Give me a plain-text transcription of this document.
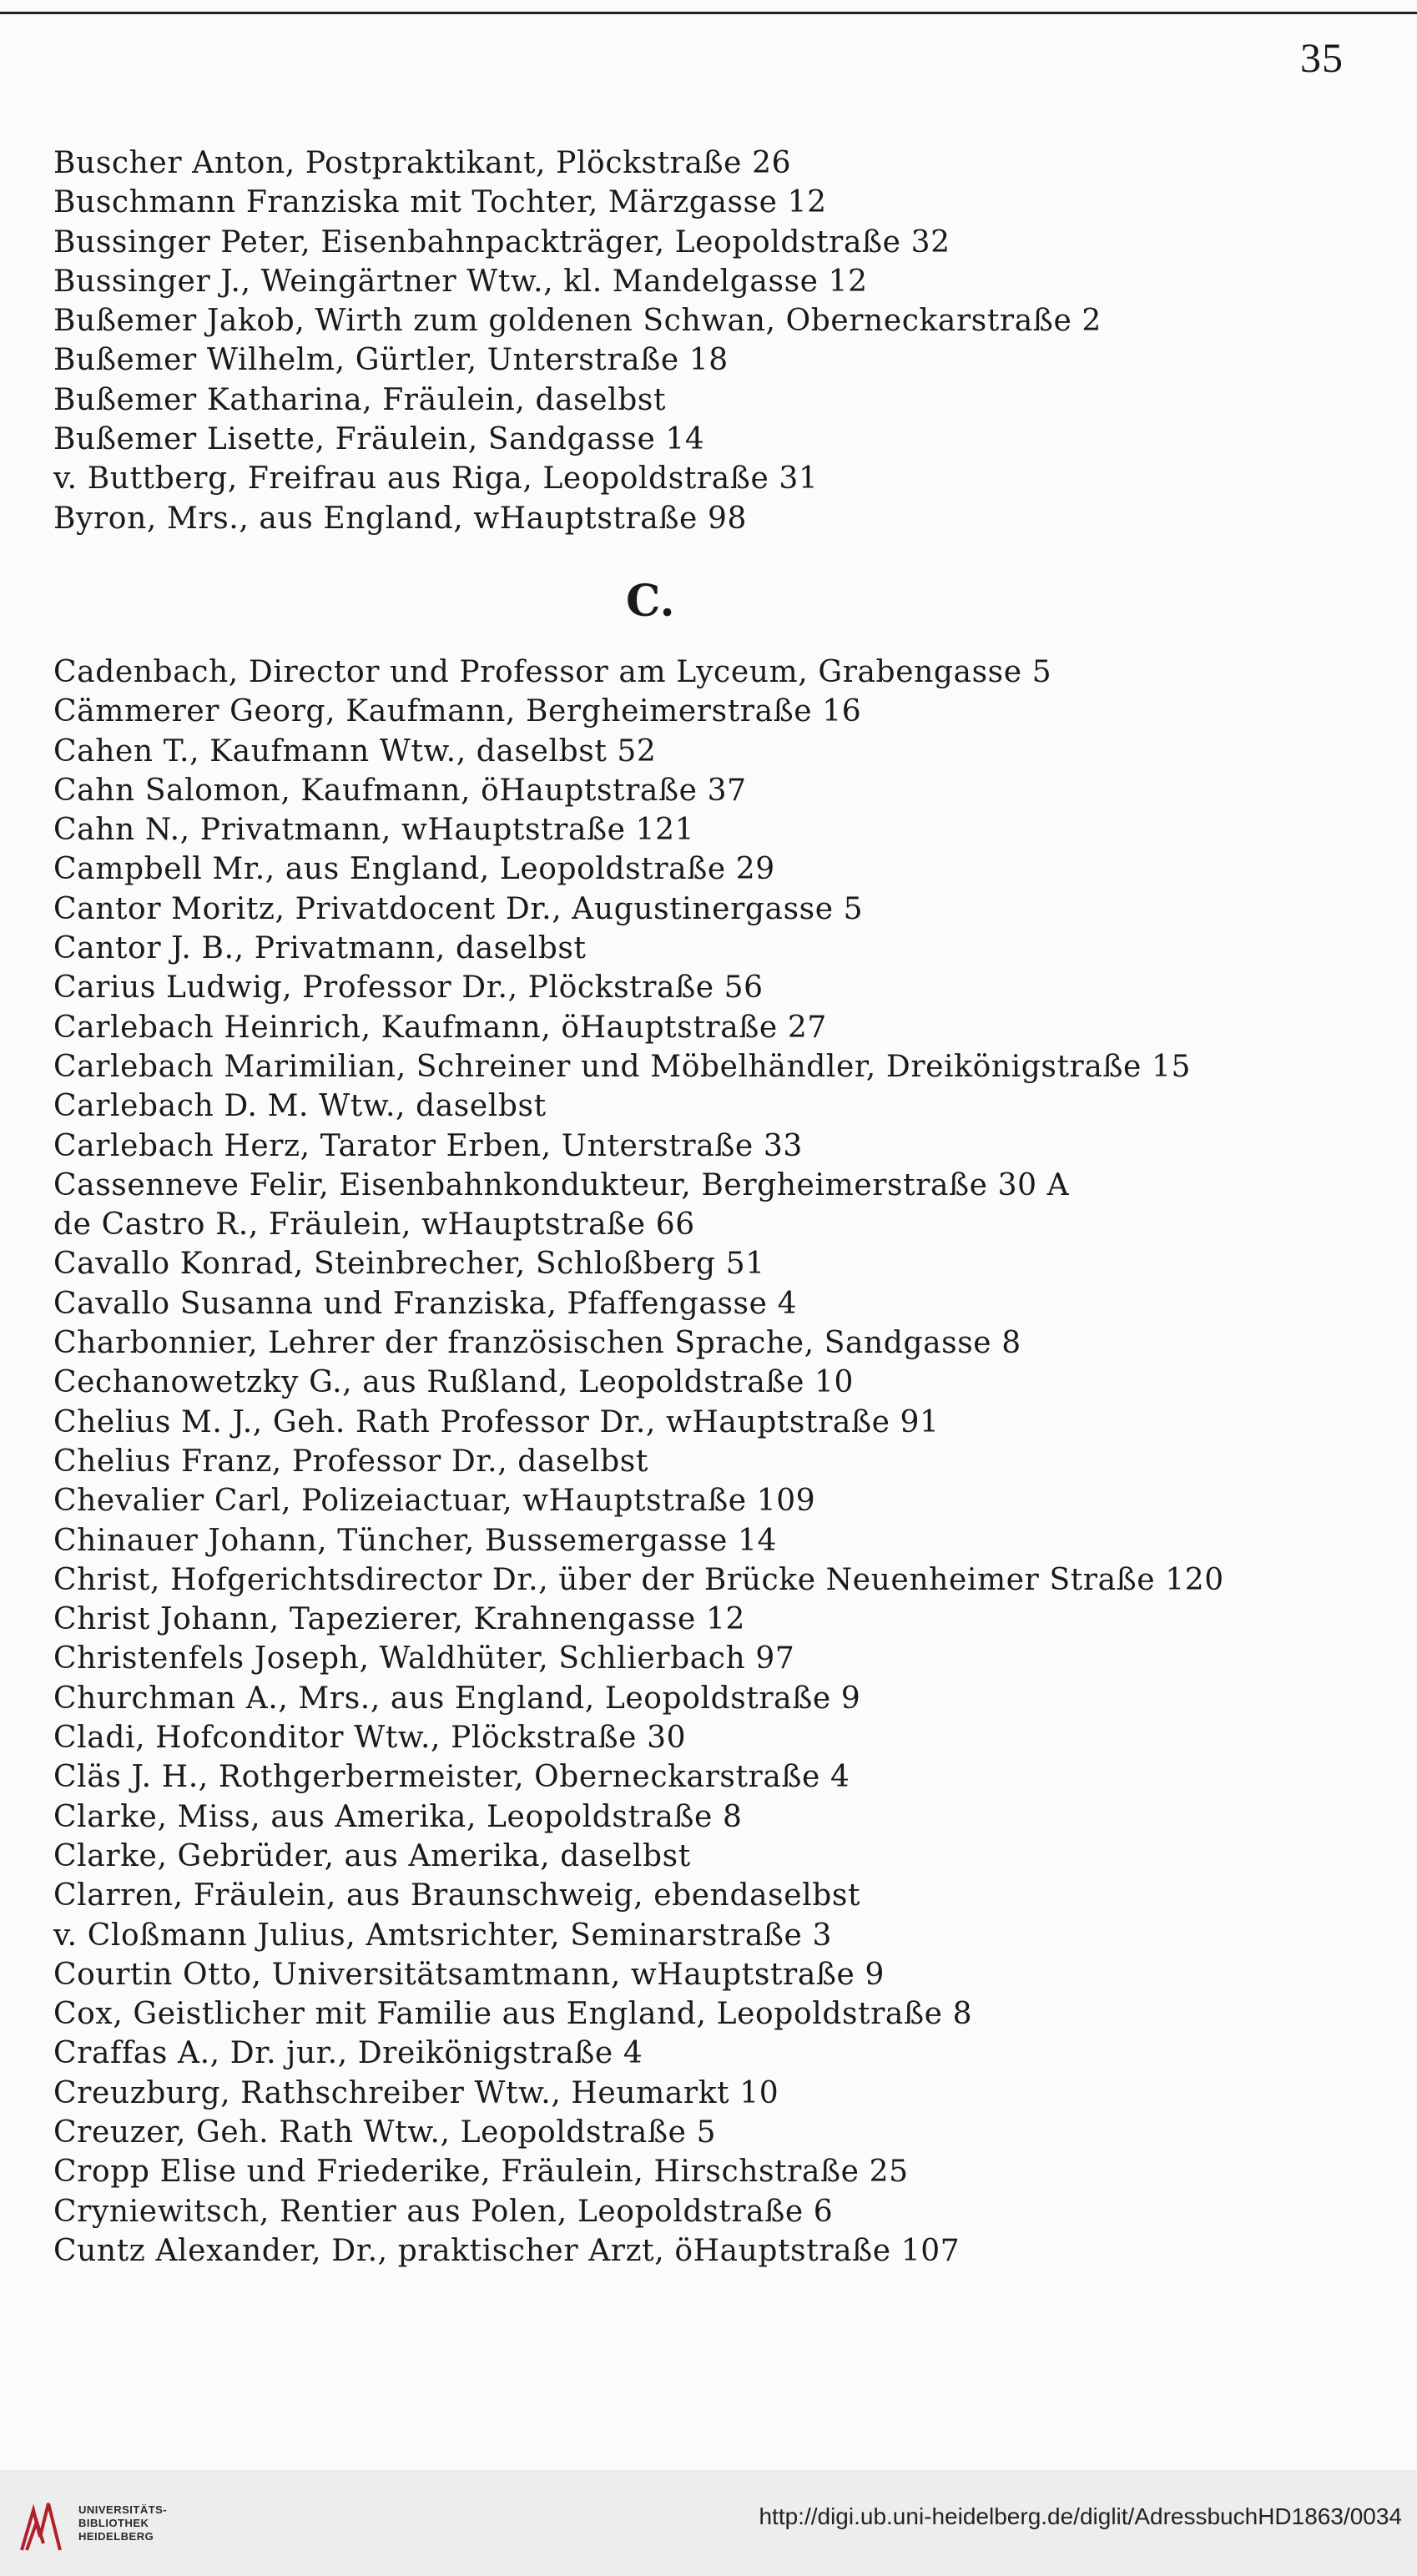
35
Buscher Anton, Postpraktikant, Plöckstraße 26
Buschmann Franziska mit Tochter, Märzgasse 12
Bussinger Peter, Eisenbahnpackträger, Leopoldstraße 32
Bussinger J., Weingärtner Wtw., kl. Mandelgasse 12
Bußemer Jakob, Wirth zum goldenen Schwan, Oberneckarstraße 2
Bußemer Wilhelm, Gürtler, Unterstraße 18
Bußemer Katharina, Fräulein, daselbst
Bußemer Lisette, Fräulein, Sandgasse 14
v. Buttberg, Freifrau aus Riga, Leopoldstraße 31
Byron, Mrs., aus England, wHauptstraße 98
C.
Cadenbach, Director und Professor am Lyceum, Grabengasse 5
Cämmerer Georg, Kaufmann, Bergheimerstraße 16
Cahen T., Kaufmann Wtw., daselbst 52
Cahn Salomon, Kaufmann, öHauptstraße 37
Cahn N., Privatmann, wHauptstraße 121
Campbell Mr., aus England, Leopoldstraße 29
Cantor Moritz, Privatdocent Dr., Augustinergasse 5
Cantor J. B., Privatmann, daselbst
Carius Ludwig, Professor Dr., Plöckstraße 56
Carlebach Heinrich, Kaufmann, öHauptstraße 27
Carlebach Marimilian, Schreiner und Möbelhändler, Dreikönigstraße 15
Carlebach D. M. Wtw., daselbst
Carlebach Herz, Tarator Erben, Unterstraße 33
Cassenneve Felir, Eisenbahnkondukteur, Bergheimerstraße 30 A
de Castro R., Fräulein, wHauptstraße 66
Cavallo Konrad, Steinbrecher, Schloßberg 51
Cavallo Susanna und Franziska, Pfaffengasse 4
Charbonnier, Lehrer der französischen Sprache, Sandgasse 8
Cechanowetzky G., aus Rußland, Leopoldstraße 10
Chelius M. J., Geh. Rath Professor Dr., wHauptstraße 91
Chelius Franz, Professor Dr., daselbst
Chevalier Carl, Polizeiactuar, wHauptstraße 109
Chinauer Johann, Tüncher, Bussemergasse 14
Christ, Hofgerichtsdirector Dr., über der Brücke Neuenheimer Straße 120
Christ Johann, Tapezierer, Krahnengasse 12
Christenfels Joseph, Waldhüter, Schlierbach 97
Churchman A., Mrs., aus England, Leopoldstraße 9
Cladi, Hofconditor Wtw., Plöckstraße 30
Cläs J. H., Rothgerbermeister, Oberneckarstraße 4
Clarke, Miss, aus Amerika, Leopoldstraße 8
Clarke, Gebrüder, aus Amerika, daselbst
Clarren, Fräulein, aus Braunschweig, ebendaselbst
v. Cloßmann Julius, Amtsrichter, Seminarstraße 3
Courtin Otto, Universitätsamtmann, wHauptstraße 9
Cox, Geistlicher mit Familie aus England, Leopoldstraße 8
Craffas A., Dr. jur., Dreikönigstraße 4
Creuzburg, Rathschreiber Wtw., Heumarkt 10
Creuzer, Geh. Rath Wtw., Leopoldstraße 5
Cropp Elise und Friederike, Fräulein, Hirschstraße 25
Cryniewitsch, Rentier aus Polen, Leopoldstraße 6
Cuntz Alexander, Dr., praktischer Arzt, öHauptstraße 107
UNIVERSITÄTS-
BIBLIOTHEK
HEIDELBERG
http://digi.ub.uni-heidelberg.de/diglit/AdressbuchHD1863/0034
